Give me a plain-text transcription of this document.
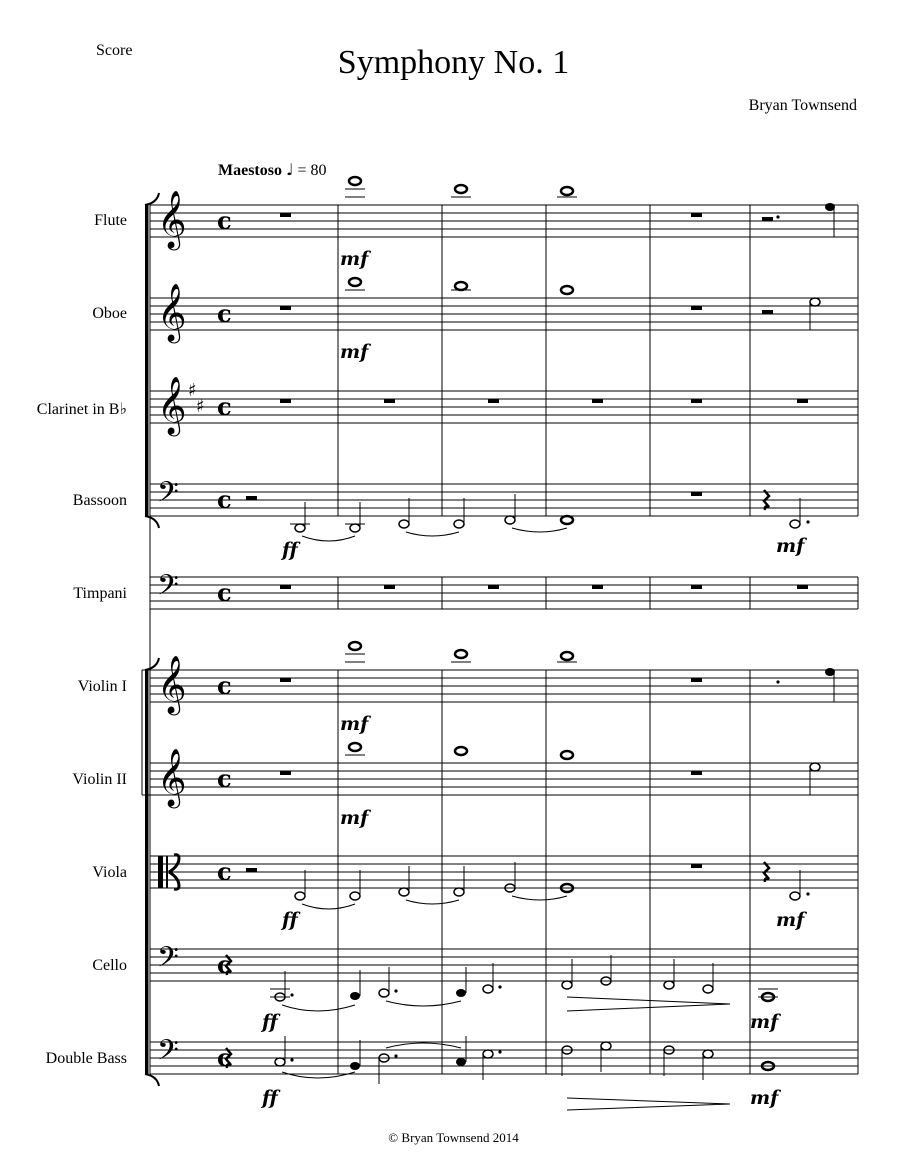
Score	Symphony No. 1
Bryan Townsend
Maestoso ♩ = 80
Flute
Oboe
Clarinet in B♭
Bassoon
Timpani
Violin I
Violin II
Viola
Cello
Double Bass
𝄞
𝄞
𝄞
𝄞
𝄞
𝄢
𝄢
𝄢
𝄢
♯
♯
c
c
c
c
c
c
c
c
c
c
mf
mf
ff	mf
mf
mf
ff	mf
ff	mf
ff	mf
© Bryan Townsend 2014
